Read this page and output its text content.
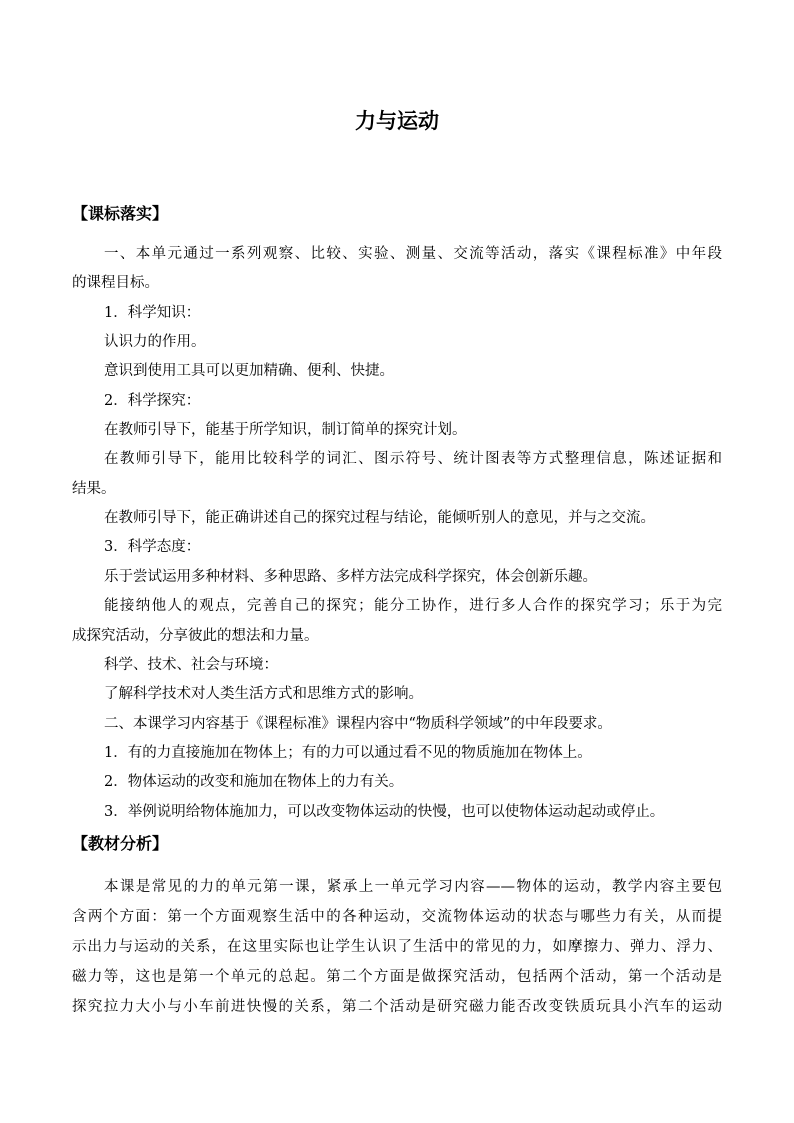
力与运动
【课标落实】
一、本单元通过一系列观察、比较、实验、测量、交流等活动，落实《课程标准》中年段
的课程目标。
1．科学知识：
认识力的作用。
意识到使用工具可以更加精确、便利、快捷。
2．科学探究：
在教师引导下，能基于所学知识，制订简单的探究计划。
在教师引导下，能用比较科学的词汇、图示符号、统计图表等方式整理信息，陈述证据和
结果。
在教师引导下，能正确讲述自己的探究过程与结论，能倾听别人的意见，并与之交流。
3．科学态度：
乐于尝试运用多种材料、多种思路、多样方法完成科学探究，体会创新乐趣。
能接纳他人的观点，完善自己的探究；能分工协作，进行多人合作的探究学习；乐于为完
成探究活动，分享彼此的想法和力量。
科学、技术、社会与环境：
了解科学技术对人类生活方式和思维方式的影响。
二、本课学习内容基于《课程标准》课程内容中“物质科学领域”的中年段要求。
1．有的力直接施加在物体上；有的力可以通过看不见的物质施加在物体上。
2．物体运动的改变和施加在物体上的力有关。
3．举例说明给物体施加力，可以改变物体运动的快慢，也可以使物体运动起动或停止。
【教材分析】
本课是常见的力的单元第一课，紧承上一单元学习内容——物体的运动，教学内容主要包
含两个方面：第一个方面观察生活中的各种运动，交流物体运动的状态与哪些力有关，从而提
示出力与运动的关系，在这里实际也让学生认识了生活中的常见的力，如摩擦力、弹力、浮力、
磁力等，这也是第一个单元的总起。第二个方面是做探究活动，包括两个活动，第一个活动是
探究拉力大小与小车前进快慢的关系，第二个活动是研究磁力能否改变铁质玩具小汽车的运动
